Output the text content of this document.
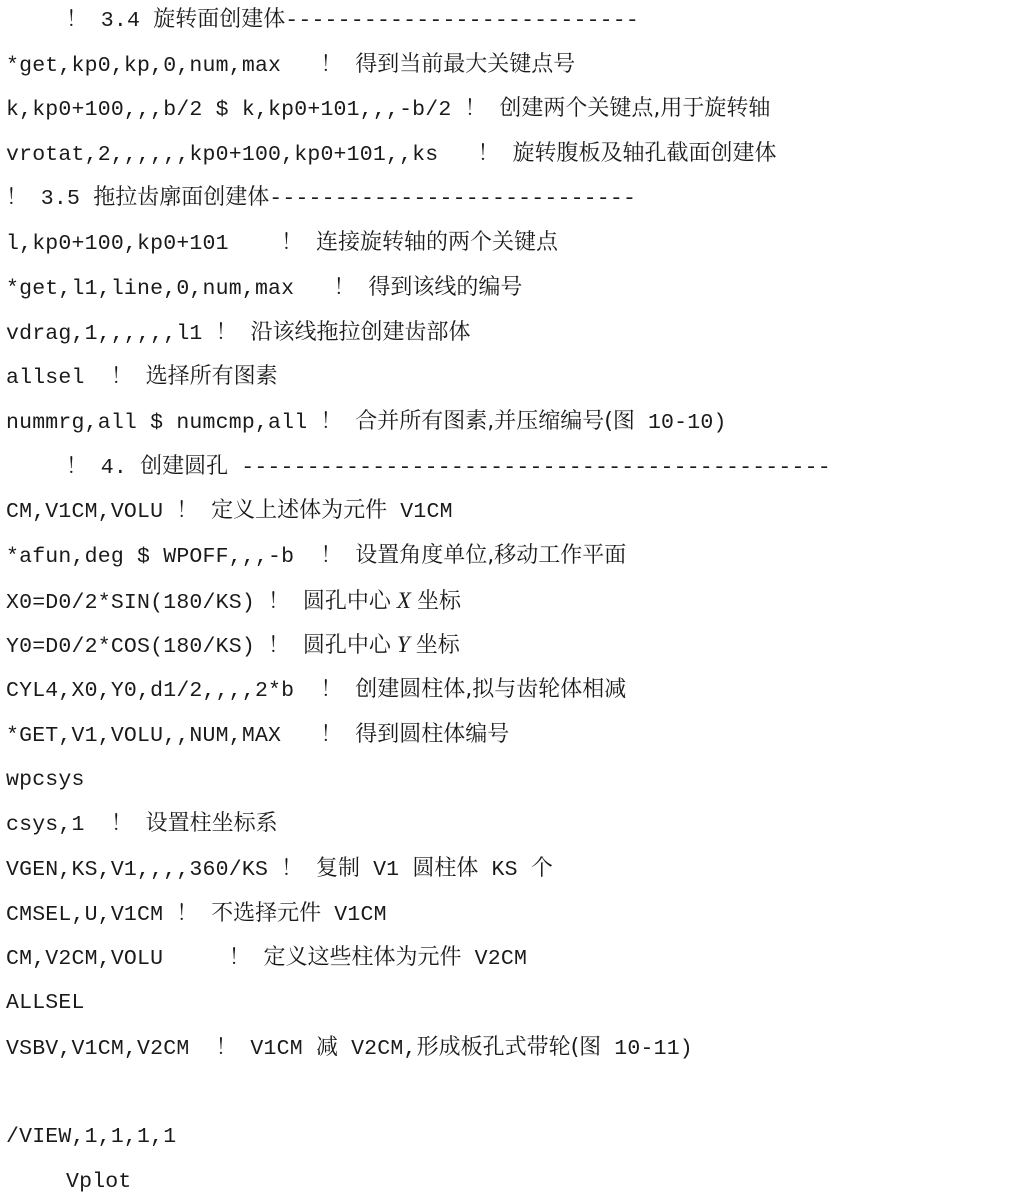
！ 3.4 旋转面创建体---------------------------
*get,kp0,kp,0,num,max   ！ 得到当前最大关键点号
k,kp0+100,,,b/2 $ k,kp0+101,,,-b/2 ！ 创建两个关键点,用于旋转轴
vrotat,2,,,,,,kp0+100,kp0+101,,ks   ！ 旋转腹板及轴孔截面创建体
！ 3.5 拖拉齿廓面创建体----------------------------
l,kp0+100,kp0+101    ！ 连接旋转轴的两个关键点
*get,l1,line,0,num,max   ！ 得到该线的编号
vdrag,1,,,,,,l1 ！ 沿该线拖拉创建齿部体
allsel  ！ 选择所有图素
nummrg,all $ numcmp,all ！ 合并所有图素,并压缩编号(图 10-10)
！ 4. 创建圆孔 ---------------------------------------------
CM,V1CM,VOLU ！ 定义上述体为元件 V1CM
*afun,deg $ WPOFF,,,-b  ！ 设置角度单位,移动工作平面
X0=D0/2*SIN(180/KS) ！ 圆孔中心 X 坐标
Y0=D0/2*COS(180/KS) ！ 圆孔中心 Y 坐标
CYL4,X0,Y0,d1/2,,,,2*b  ！ 创建圆柱体,拟与齿轮体相减
*GET,V1,VOLU,,NUM,MAX   ！ 得到圆柱体编号
wpcsys
csys,1  ！ 设置柱坐标系
VGEN,KS,V1,,,,360/KS ！ 复制 V1 圆柱体 KS 个
CMSEL,U,V1CM ！ 不选择元件 V1CM
CM,V2CM,VOLU     ！ 定义这些柱体为元件 V2CM
ALLSEL
VSBV,V1CM,V2CM  ！ V1CM 减 V2CM,形成板孔式带轮(图 10-11)
/VIEW,1,1,1,1
Vplot
